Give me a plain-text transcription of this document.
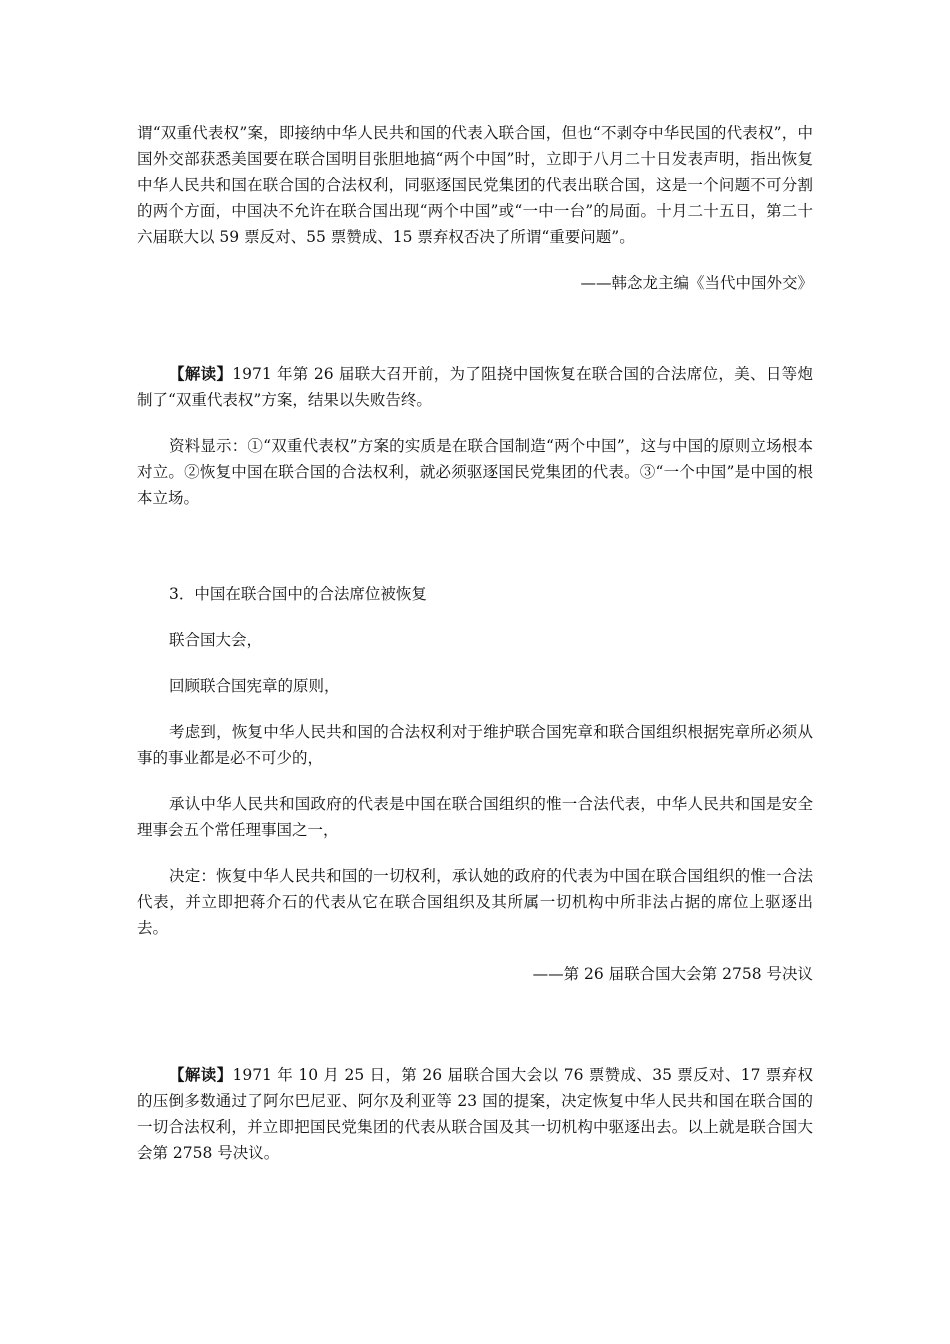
谓“双重代表权”案，即接纳中华人民共和国的代表入联合国，但也“不剥夺中华民国的代表权”，中国外交部获悉美国要在联合国明目张胆地搞“两个中国”时，立即于八月二十日发表声明，指出恢复中华人民共和国在联合国的合法权利，同驱逐国民党集团的代表出联合国，这是一个问题不可分割的两个方面，中国决不允许在联合国出现“两个中国”或“一中一台”的局面。十月二十五日，第二十六届联大以 59 票反对、55 票赞成、15 票弃权否决了所谓“重要问题”。

——韩念龙主编《当代中国外交》

【解读】1971 年第 26 届联大召开前，为了阻挠中国恢复在联合国的合法席位，美、日等炮制了“双重代表权”方案，结果以失败告终。

资料显示：①“双重代表权”方案的实质是在联合国制造“两个中国”，这与中国的原则立场根本对立。②恢复中国在联合国的合法权利，就必须驱逐国民党集团的代表。③“一个中国”是中国的根本立场。

3．中国在联合国中的合法席位被恢复

联合国大会，

回顾联合国宪章的原则，

考虑到，恢复中华人民共和国的合法权利对于维护联合国宪章和联合国组织根据宪章所必须从事的事业都是必不可少的，

承认中华人民共和国政府的代表是中国在联合国组织的惟一合法代表，中华人民共和国是安全理事会五个常任理事国之一，

决定：恢复中华人民共和国的一切权利，承认她的政府的代表为中国在联合国组织的惟一合法代表，并立即把蒋介石的代表从它在联合国组织及其所属一切机构中所非法占据的席位上驱逐出去。

——第 26 届联合国大会第 2758 号决议

【解读】1971 年 10 月 25 日，第 26 届联合国大会以 76 票赞成、35 票反对、17 票弃权的压倒多数通过了阿尔巴尼亚、阿尔及利亚等 23 国的提案，决定恢复中华人民共和国在联合国的一切合法权利，并立即把国民党集团的代表从联合国及其一切机构中驱逐出去。以上就是联合国大会第 2758 号决议。
